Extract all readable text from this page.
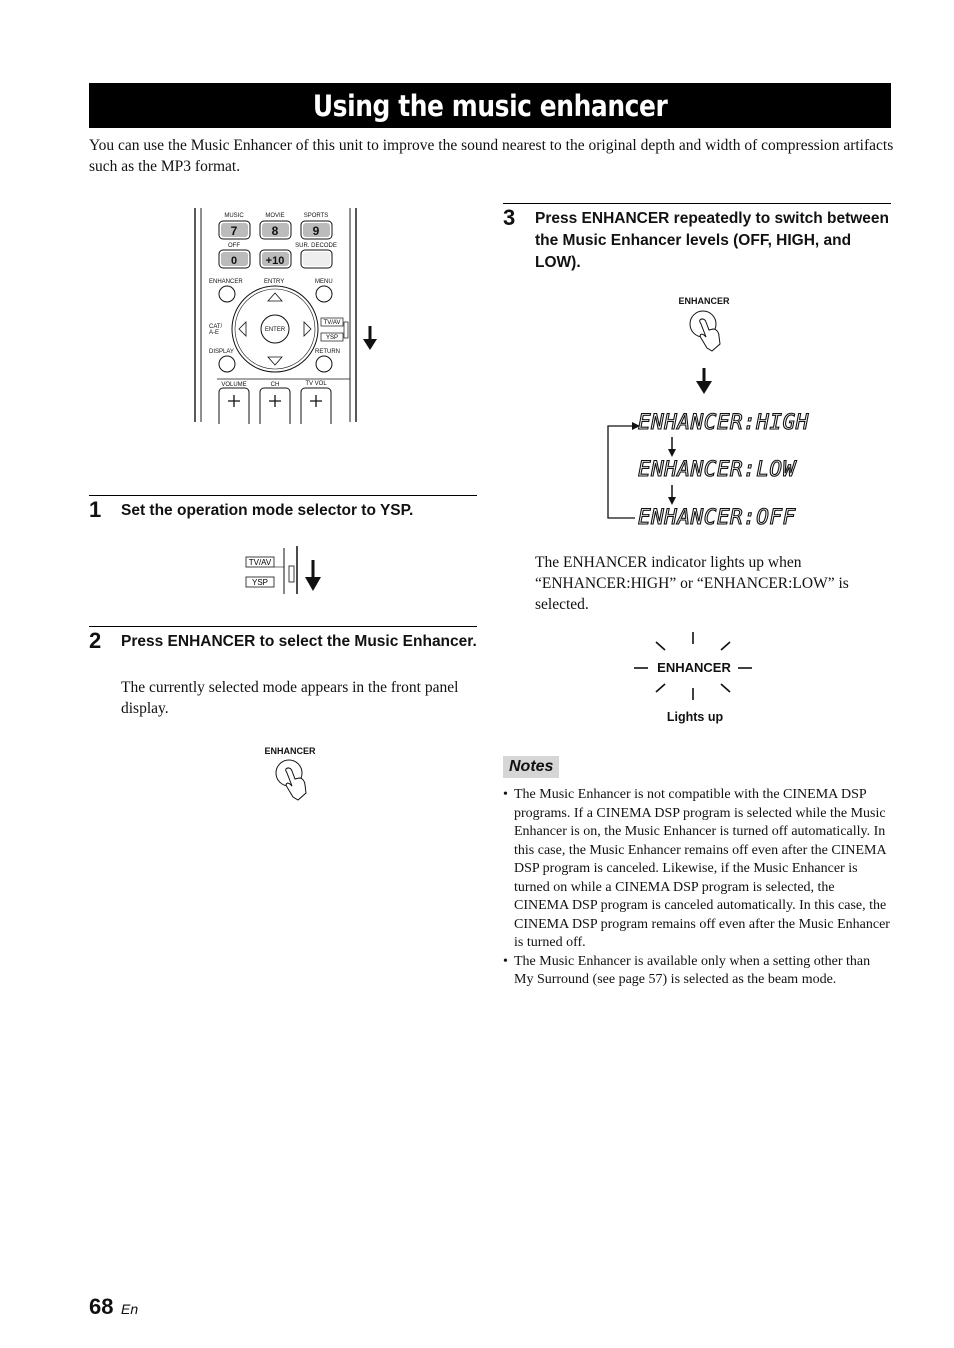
Using the music enhancer

You can use the Music Enhancer of this unit to improve the sound nearest to the original depth and width of compression artifacts such as the MP3 format.

MUSIC	MOVIE	SPORTS
7	8	9
OFF	SUR. DECODE
0	+10
ENHANCER	ENTRY	MENU
CAT/
A-E
DISPLAY	RETURN
ENTER
TV/AV
YSP
VOLUME	CH	TV VOL
1 Set the operation mode selector to YSP.
TV/AV
YSP
2 Press ENHANCER to select the Music Enhancer.
The currently selected mode appears in the front panel display.
ENHANCER
3 Press ENHANCER repeatedly to switch between the Music Enhancer levels (OFF, HIGH, and LOW).
ENHANCER
ENHANCER:HIGH
ENHANCER:LOW
ENHANCER:OFF
The ENHANCER indicator lights up when “ENHANCER:HIGH” or “ENHANCER:LOW” is selected.
ENHANCER
Lights up
Notes
• The Music Enhancer is not compatible with the CINEMA DSP programs. If a CINEMA DSP program is selected while the Music Enhancer is on, the Music Enhancer is turned off automatically. In this case, the Music Enhancer remains off even after the CINEMA DSP program is canceled. Likewise, if the Music Enhancer is turned on while a CINEMA DSP program is selected, the CINEMA DSP program is canceled automatically. In this case, the CINEMA DSP program remains off even after the Music Enhancer is turned off.
• The Music Enhancer is available only when a setting other than My Surround (see page 57) is selected as the beam mode.
68 En
